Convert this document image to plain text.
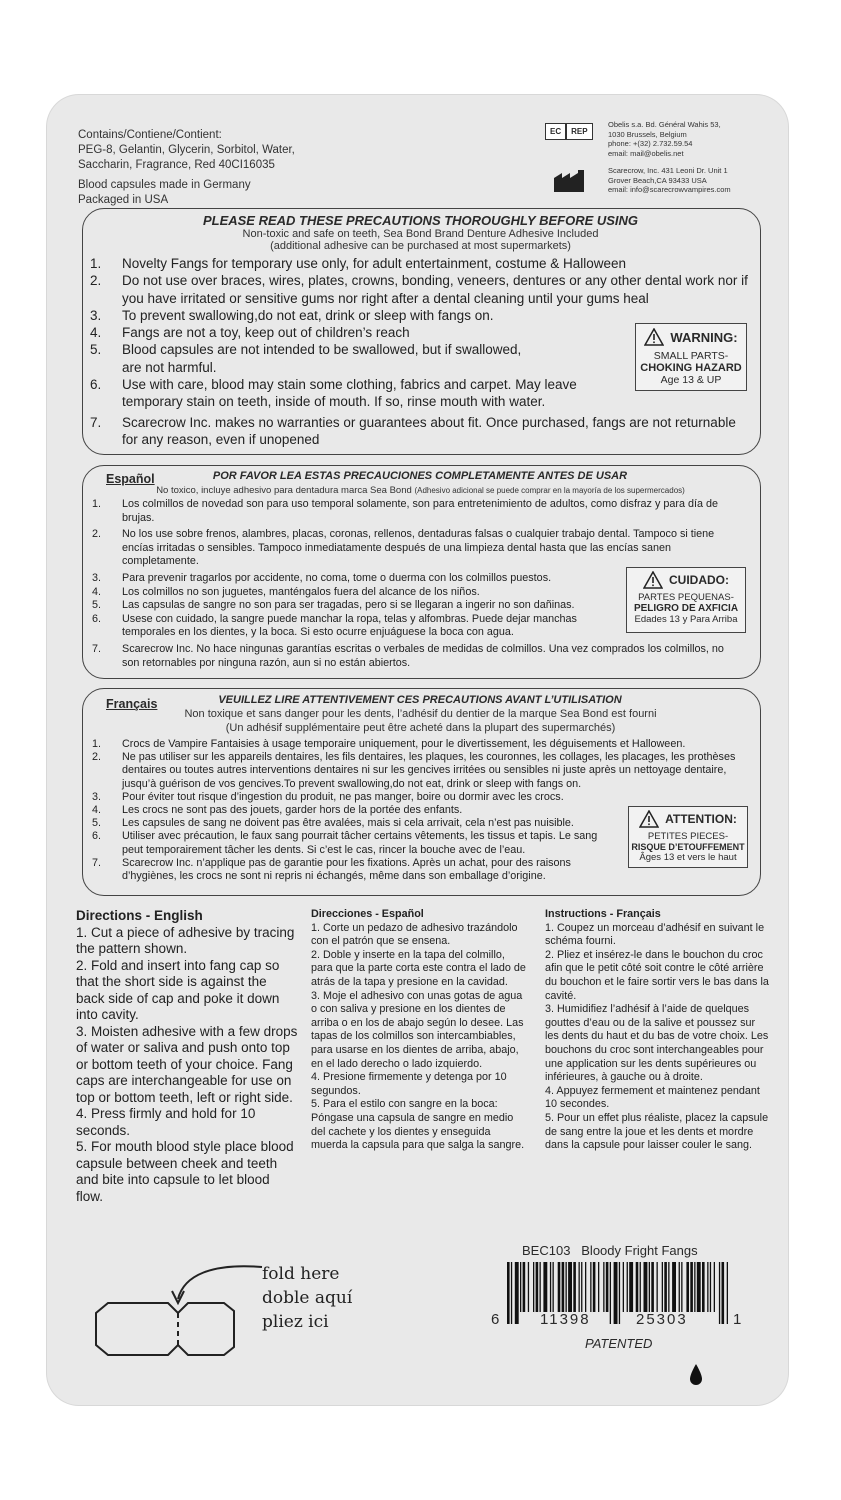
Contains/Contiene/Contient:
PEG-8, Gelantin, Glycerin, Sorbitol, Water,
Saccharin, Fragrance, Red 40CI16035
Blood capsules made in Germany
Packaged in USA
EC	REP
Obelis s.a. Bd. Général Wahis 53,
1030 Brussels, Belgium
phone: +(32) 2.732.59.54
email: mail@obelis.net
Scarecrow, Inc. 431 Leoni Dr. Unit 1
Grover Beach,CA 93433 USA
email: info@scarecrowvampires.com
PLEASE READ THESE PRECAUTIONS THOROUGHLY BEFORE USING
Non-toxic and safe on teeth, Sea Bond Brand Denture Adhesive Included
(additional adhesive can be purchased at most supermarkets)
1.	Novelty Fangs for temporary use only, for adult entertainment, costume & Halloween
2.	Do not use over braces, wires, plates, crowns, bonding, veneers, dentures or any other dental work nor if you have irritated or sensitive gums nor right after a dental cleaning until your gums heal
3.	To prevent swallowing,do not eat, drink or sleep with fangs on.
4.	Fangs are not a toy, keep out of children’s reach
5.	Blood capsules are not intended to be swallowed, but if swallowed, are not harmful.
6.	Use with care, blood may stain some clothing, fabrics and carpet. May leave temporary stain on teeth, inside of mouth. If so, rinse mouth with water.
7.	Scarecrow Inc. makes no warranties or guarantees about fit. Once purchased, fangs are not returnable for any reason, even if unopened
WARNING:
SMALL PARTS-
CHOKING HAZARD
Age 13 & UP
Español	POR FAVOR LEA ESTAS PRECAUCIONES COMPLETAMENTE ANTES DE USAR
No toxico, incluye adhesivo para dentadura marca Sea Bond (Adhesivo adicional se puede comprar en la mayoría de los supermercados)
1.	Los colmillos de novedad son para uso temporal solamente, son para entretenimiento de adultos, como disfraz y para día de brujas.
2.	No los use sobre frenos, alambres, placas, coronas, rellenos, dentaduras falsas o cualquier trabajo dental. Tampoco si tiene encías irritadas o sensibles. Tampoco inmediatamente después de una limpieza dental hasta que las encías sanen completamente.
3.	Para prevenir tragarlos por accidente, no coma, tome o duerma con los colmillos puestos.
4.	Los colmillos no son juguetes, manténgalos fuera del alcance de los niños.
5.	Las capsulas de sangre no son para ser tragadas, pero si se llegaran a ingerir no son dañinas.
6.	Usese con cuidado, la sangre puede manchar la ropa, telas y alfombras. Puede dejar manchas temporales en los dientes, y la boca. Si esto ocurre enjuáguese la boca con agua.
7.	Scarecrow Inc. No hace ningunas garantías escritas o verbales de medidas de colmillos. Una vez comprados los colmillos, no son retornables por ninguna razón, aun si no están abiertos.
CUIDADO:
PARTES PEQUENAS-
PELIGRO DE AXFICIA
Edades 13 y Para Arriba
Français	VEUILLEZ LIRE ATTENTIVEMENT CES PRECAUTIONS AVANT L’UTILISATION
Non toxique et sans danger pour les dents, l’adhésif du dentier de la marque Sea Bond est fourni
(Un adhésif supplémentaire peut être acheté dans la plupart des supermarchés)
1.	Crocs de Vampire Fantaisies à usage temporaire uniquement, pour le divertissement, les déguisements et Halloween.
2.	Ne pas utiliser sur les appareils dentaires, les fils dentaires, les plaques, les couronnes, les collages, les placages, les prothèses dentaires ou toutes autres interventions dentaires ni sur les gencives irritées ou sensibles ni juste après un nettoyage dentaire, jusqu’à guérison de vos gencives.To prevent swallowing,do not eat, drink or sleep with fangs on.
3.	Pour éviter tout risque d’ingestion du produit, ne pas manger, boire ou dormir avec les crocs.
4.	Les crocs ne sont pas des jouets, garder hors de la portée des enfants.
5.	Les capsules de sang ne doivent pas être avalées, mais si cela arrivait, cela n’est pas nuisible.
6.	Utiliser avec précaution, le faux sang pourrait tâcher certains vêtements, les tissus et tapis. Le sang peut temporairement tâcher les dents. Si c’est le cas, rincer la bouche avec de l’eau.
7.	Scarecrow Inc. n’applique pas de garantie pour les fixations. Après un achat, pour des raisons d’hygiènes, les crocs ne sont ni repris ni échangés, même dans son emballage d’origine.
ATTENTION:
PETITES PIECES-
RISQUE D’ETOUFFEMENT
Âges 13 et vers le haut
Directions - English

1. Cut a piece of adhesive by tracing the pattern shown.

2. Fold and insert into fang cap so that the short side is against the back side of cap and poke it down into cavity.

3. Moisten adhesive with a few drops of water or saliva and push onto top or bottom teeth of your choice. Fang caps are interchangeable for use on top or bottom teeth, left or right side.

4. Press firmly and hold for 10 seconds.

5. For mouth blood style place blood capsule between cheek and teeth and bite into capsule to let blood flow.

Direcciones - Español

1. Corte un pedazo de adhesivo trazándolo con el patrón que se ensena.

2. Doble y inserte en la tapa del colmillo, para que la parte corta este contra el lado de atrás de la tapa y presione en la cavidad.

3. Moje el adhesivo con unas gotas de agua o con saliva y presione en los dientes de arriba o en los de abajo según lo desee. Las tapas de los colmillos son intercambiables, para usarse en los dientes de arriba, abajo, en el lado derecho o lado izquierdo.

4. Presione firmemente y detenga por 10 segundos.

5. Para el estilo con sangre en la boca: Póngase una capsula de sangre en medio del cachete y los dientes y enseguida muerda la capsula para que salga la sangre.

Instructions - Français

1. Coupez un morceau d’adhésif en suivant le schéma fourni.

2. Pliez et insérez-le dans le bouchon du croc afin que le petit côté soit contre le côté arrière du bouchon et le faire sortir vers le bas dans la cavité.

3. Humidifiez l’adhésif à l’aide de quelques gouttes d’eau ou de la salive et poussez sur les dents du haut et du bas de votre choix. Les bouchons du croc sont interchangeables pour une application sur les dents supérieures ou inférieures, à gauche ou à droite.

4. Appuyez fermement et maintenez pendant 10 secondes.

5. Pour un effet plus réaliste, placez la capsule de sang entre la joue et les dents et mordre dans la capsule pour laisser couler le sang.

fold here
doble aquí
pliez ici
BEC103 Bloody Fright Fangs
6	11398	25303	1
PATENTED
